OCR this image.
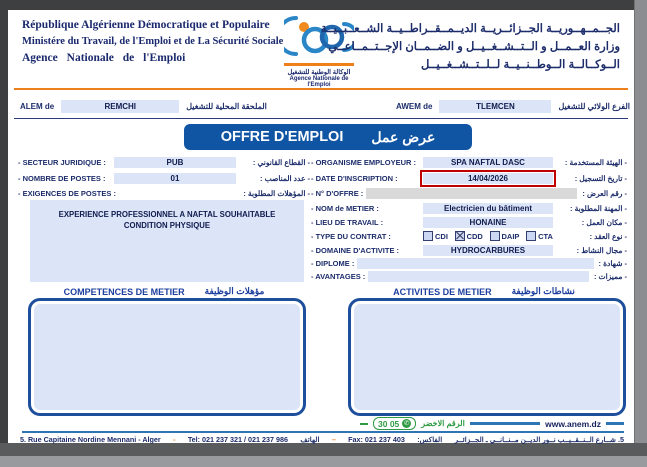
République Algérienne Démocratique et Populaire
Ministére du Travail, de l'Emploi et de La Sécurité Sociale
Agence Nationale de l'Emploi
الوكالة الوطنية للتشغيل
Agence Nationale de l'Emploi
الجــمــهــوريــة الجــزائــريــة الديــمــقــراطــيــة الشــعــبــيــة
وزارة العــمــل و الــتــشــغــيــل و الضــمــان الإجــتــمــاعــي
الــوكــالــة الــوطــنــيــة لــلــتــشــغــيــل
ALEM de	REMCHI	الملحقة المحلية للتشغيل	AWEM de	TLEMCEN	الفرع الولائي للتشغيل
OFFRE D'EMPLOI عرض عمل
- SECTEUR JURIDIQUE :	PUB	- القطاع القانوني :
- NOMBRE DE POSTES :	01	- عدد المناصب :
- EXIGENCES DE POSTES :	- المؤهلات المطلوبة :
EXPERIENCE PROFESSIONNEL A NAFTAL SOUHAITABLE
CONDITION PHYSIQUE
- ORGANISME EMPLOYEUR :	SPA NAFTAL DASC	- الهيئة المستخدمة :
- DATE D'INSCRIPTION :	14/04/2026	- تاريخ التسجيل :
- N° D'OFFRE :	- رقم العرض :
- NOM de METIER :	Electricien du bâtiment	- المهنة المطلوبة :
- LIEU DE TRAVAIL :	HONAINE	- مكان العمل :
- TYPE DU CONTRAT :	CDI CDD DAIP CTA	- نوع العقد :
- DOMAINE D'ACTIVITE :	HYDROCARBURES	- مجال النشاط :
- DIPLOME :	- شهادة :
- AVANTAGES :	- مميزات :
COMPETENCES DE METIER مؤهلات الوظيفة	ACTIVITES DE METIER نشاطات الوظيفة
30 05 ✆ الرقم الاخضر	www.anem.dz
5. Rue Capitaine Nordine Mennani - Alger - Tel: 021 237 321 / 021 237 986 الهاتف – Fax: 021 237 403 الفاكس: 5. شــارع الــنــقــيــب نــور الديــن مــنــانــي ـ الجــزائــر
